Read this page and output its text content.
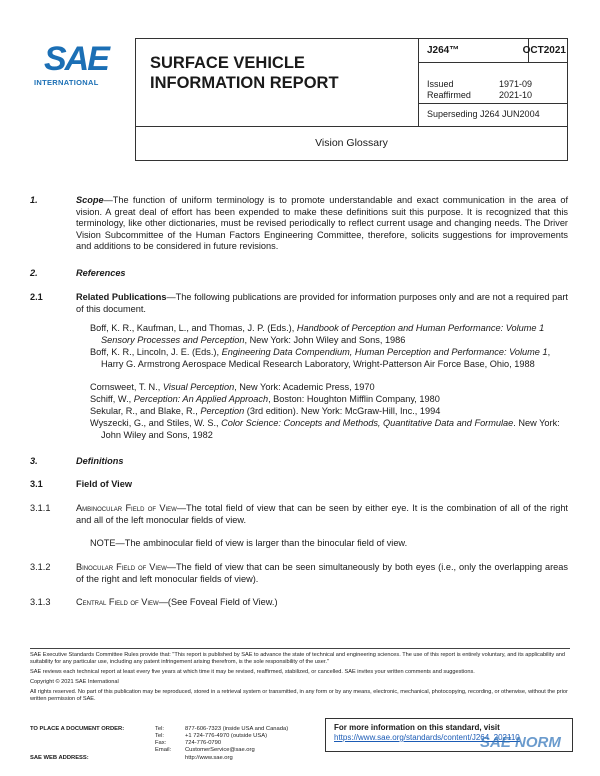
SAE
INTERNATIONAL
SURFACE VEHICLE
INFORMATION REPORT
J264™	OCT2021
Issued	1971-09
Reaffirmed	2021-10
Superseding J264 JUN2004
Vision Glossary
1.	Scope—The function of uniform terminology is to promote understandable and exact communication in the area of vision. A great deal of effort has been expended to make these definitions suit this purpose. It is recognized that this terminology, like other dictionaries, must be revised periodically to reflect current usage and changing needs. The Driver Vision Subcommittee of the Human Factors Engineering Committee, therefore, solicits suggestions for improvements and additions to be considered in future revisions.
2.	References
2.1	Related Publications—The following publications are provided for information purposes only and are not a required part of this document.
Boff, K. R., Kaufman, L., and Thomas, J. P. (Eds.), Handbook of Perception and Human Performance: Volume 1 Sensory Processes and Perception, New York: John Wiley and Sons, 1986
Boff, K. R., Lincoln, J. E. (Eds.), Engineering Data Compendium, Human Perception and Performance: Volume 1, Harry G. Armstrong Aerospace Medical Research Laboratory, Wright-Patterson Air Force Base, Ohio, 1988
Cornsweet, T. N., Visual Perception, New York: Academic Press, 1970
Schiff, W., Perception: An Applied Approach, Boston: Houghton Mifflin Company, 1980
Sekular, R., and Blake, R., Perception (3rd edition). New York: McGraw-Hill, Inc., 1994
Wyszecki, G., and Stiles, W. S., Color Science: Concepts and Methods, Quantitative Data and Formulae. New York: John Wiley and Sons, 1982
3.	Definitions
3.1	Field of View
3.1.1	Ambinocular Field of View—The total field of view that can be seen by either eye. It is the combination of all of the right and all of the left monocular fields of view.
NOTE—The ambinocular field of view is larger than the binocular field of view.
3.1.2	Binocular Field of View—The field of view that can be seen simultaneously by both eyes (i.e., only the overlapping areas of the right and left monocular fields of view).
3.1.3	Central Field of View—(See Foveal Field of View.)

SAE Executive Standards Committee Rules provide that: "This report is published by SAE to advance the state of technical and engineering sciences. The use of this report is entirely voluntary, and its applicability and suitability for any particular use, including any patent infringement arising therefrom, is the sole responsibility of the user."

SAE reviews each technical report at least every five years at which time it may be revised, reaffirmed, stabilized, or cancelled. SAE invites your written comments and suggestions.

Copyright © 2021 SAE International

All rights reserved. No part of this publication may be reproduced, stored in a retrieval system or transmitted, in any form or by any means, electronic, mechanical, photocopying, recording, or otherwise, without the prior written permission of SAE.

TO PLACE A DOCUMENT ORDER:	Tel:	877-606-7323 (inside USA and Canada)
Tel:	+1 724-776-4970 (outside USA)
Fax:	724-776-0790
Email: CustomerService@sae.org
SAE WEB ADDRESS:	http://www.sae.org
For more information on this standard, visit
https://www.sae.org/standards/content/J264_202110
SAE NORM
